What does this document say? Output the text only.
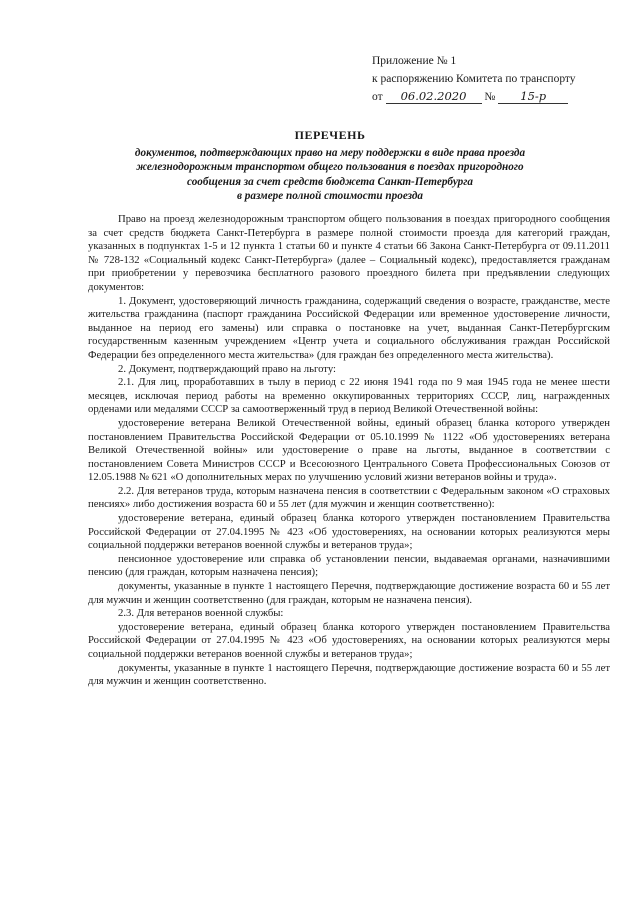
Приложение № 1
к распоряжению Комитета по транспорту
от 06.02.2020 № 15-р
ПЕРЕЧЕНЬ
документов, подтверждающих право на меру поддержки в виде права проезда
железнодорожным транспортом общего пользования в поездах пригородного
сообщения за счет средств бюджета Санкт-Петербурга
в размере полной стоимости проезда

Право на проезд железнодорожным транспортом общего пользования в поездах пригородного сообщения за счет средств бюджета Санкт-Петербурга в размере полной стоимости проезда для категорий граждан, указанных в подпунктах 1-5 и 12 пункта 1 статьи 60 и пункте 4 статьи 66 Закона Санкт-Петербурга от 09.11.2011 № 728-132 «Социальный кодекс Санкт-Петербурга» (далее – Социальный кодекс), предоставляется гражданам при приобретении у перевозчика бесплатного разового проездного билета при предъявлении следующих документов:

1. Документ, удостоверяющий личность гражданина, содержащий сведения о возрасте, гражданстве, месте жительства гражданина (паспорт гражданина Российской Федерации или временное удостоверение личности, выданное на период его замены) или справка о постановке на учет, выданная Санкт-Петербургским государственным казенным учреждением «Центр учета и социального обслуживания граждан Российской Федерации без определенного места жительства» (для граждан без определенного места жительства).

2. Документ, подтверждающий право на льготу:

2.1. Для лиц, проработавших в тылу в период с 22 июня 1941 года по 9 мая 1945 года не менее шести месяцев, исключая период работы на временно оккупированных территориях СССР, лиц, награжденных орденами или медалями СССР за самоотверженный труд в период Великой Отечественной войны:

удостоверение ветерана Великой Отечественной войны, единый образец бланка которого утвержден постановлением Правительства Российской Федерации от 05.10.1999 № 1122 «Об удостоверениях ветерана Великой Отечественной войны» или удостоверение о праве на льготы, выданное в соответствии с постановлением Совета Министров СССР и Всесоюзного Центрального Совета Профессиональных Союзов от 12.05.1988 № 621 «О дополнительных мерах по улучшению условий жизни ветеранов войны и труда».

2.2. Для ветеранов труда, которым назначена пенсия в соответствии с Федеральным законом «О страховых пенсиях» либо достижения возраста 60 и 55 лет (для мужчин и женщин соответственно):

удостоверение ветерана, единый образец бланка которого утвержден постановлением Правительства Российской Федерации от 27.04.1995 № 423 «Об удостоверениях, на основании которых реализуются меры социальной поддержки ветеранов военной службы и ветеранов труда»;

пенсионное удостоверение или справка об установлении пенсии, выдаваемая органами, назначившими пенсию (для граждан, которым назначена пенсия);

документы, указанные в пункте 1 настоящего Перечня, подтверждающие достижение возраста 60 и 55 лет для мужчин и женщин соответственно (для граждан, которым не назначена пенсия).

2.3. Для ветеранов военной службы:

удостоверение ветерана, единый образец бланка которого утвержден постановлением Правительства Российской Федерации от 27.04.1995 № 423 «Об удостоверениях, на основании которых реализуются меры социальной поддержки ветеранов военной службы и ветеранов труда»;

документы, указанные в пункте 1 настоящего Перечня, подтверждающие достижение возраста 60 и 55 лет для мужчин и женщин соответственно.
